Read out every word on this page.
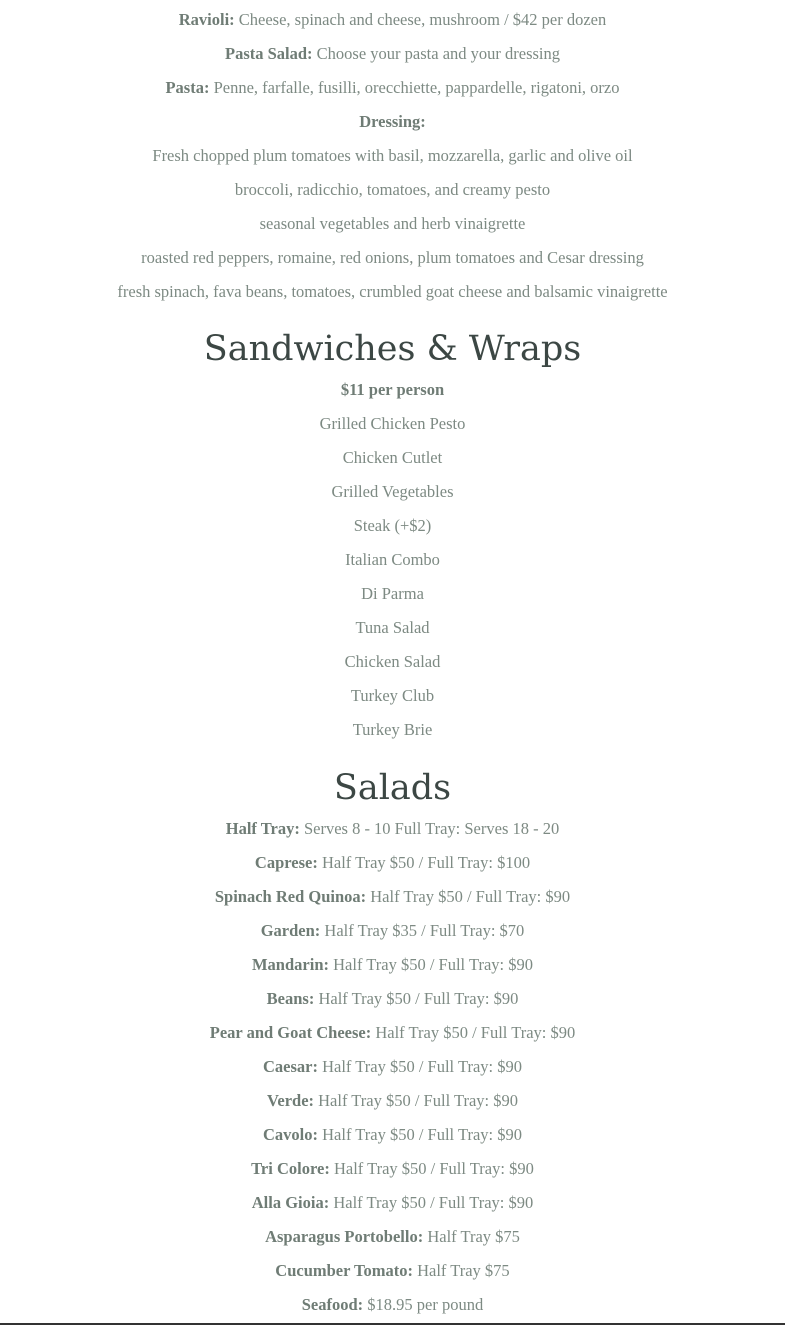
Ravioli: Cheese, spinach and cheese, mushroom / $42 per dozen
Pasta Salad: Choose your pasta and your dressing
Pasta: Penne, farfalle, fusilli, orecchiette, pappardelle, rigatoni, orzo
Dressing:
Fresh chopped plum tomatoes with basil, mozzarella, garlic and olive oil
broccoli, radicchio, tomatoes, and creamy pesto
seasonal vegetables and herb vinaigrette
roasted red peppers, romaine, red onions, plum tomatoes and Cesar dressing
fresh spinach, fava beans, tomatoes, crumbled goat cheese and balsamic vinaigrette
Sandwiches & Wraps
$11 per person
Grilled Chicken Pesto
Chicken Cutlet
Grilled Vegetables
Steak (+$2)
Italian Combo
Di Parma
Tuna Salad
Chicken Salad
Turkey Club
Turkey Brie
Salads
Half Tray: Serves 8 - 10 Full Tray: Serves 18 - 20
Caprese: Half Tray $50 / Full Tray: $100
Spinach Red Quinoa: Half Tray $50 / Full Tray: $90
Garden: Half Tray $35 / Full Tray: $70
Mandarin: Half Tray $50 / Full Tray: $90
Beans: Half Tray $50 / Full Tray: $90
Pear and Goat Cheese: Half Tray $50 / Full Tray: $90
Caesar: Half Tray $50 / Full Tray: $90
Verde: Half Tray $50 / Full Tray: $90
Cavolo: Half Tray $50 / Full Tray: $90
Tri Colore: Half Tray $50 / Full Tray: $90
Alla Gioia: Half Tray $50 / Full Tray: $90
Asparagus Portobello: Half Tray $75
Cucumber Tomato: Half Tray $75
Seafood: $18.95 per pound
